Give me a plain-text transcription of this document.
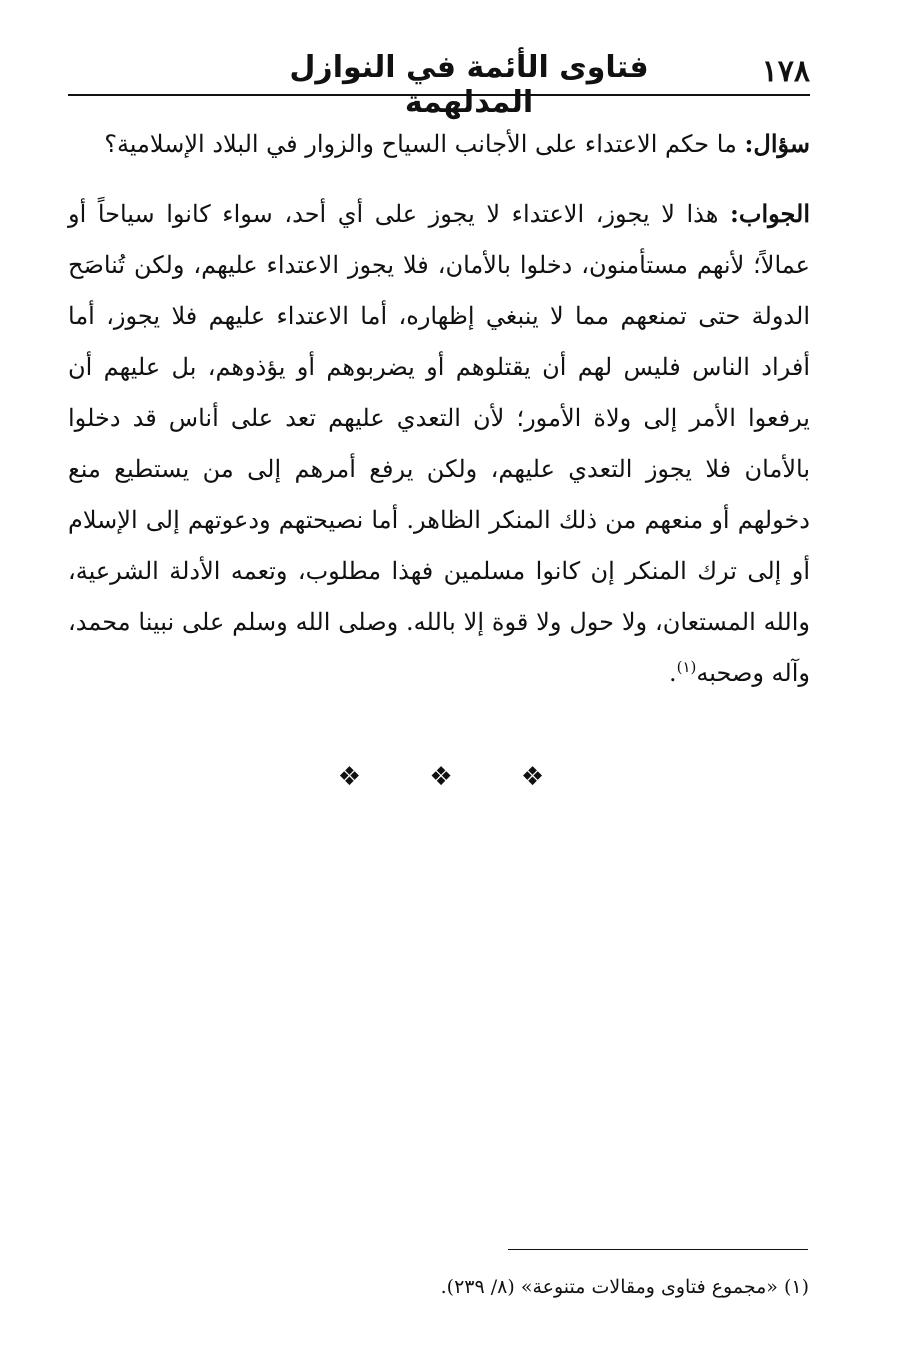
١٧٨
فتاوى الأئمة في النوازل المدلهمة

سؤال: ما حكم الاعتداء على الأجانب السياح والزوار في البلاد الإسلامية؟

الجواب: هذا لا يجوز، الاعتداء لا يجوز على أي أحد، سواء كانوا سياحاً أو عمالاً؛ لأنهم مستأمنون، دخلوا بالأمان، فلا يجوز الاعتداء عليهم، ولكن تُناصَح الدولة حتى تمنعهم مما لا ينبغي إظهاره، أما الاعتداء عليهم فلا يجوز، أما أفراد الناس فليس لهم أن يقتلوهم أو يضربوهم أو يؤذوهم، بل عليهم أن يرفعوا الأمر إلى ولاة الأمور؛ لأن التعدي عليهم تعد على أناس قد دخلوا بالأمان فلا يجوز التعدي عليهم، ولكن يرفع أمرهم إلى من يستطيع منع دخولهم أو منعهم من ذلك المنكر الظاهر. أما نصيحتهم ودعوتهم إلى الإسلام أو إلى ترك المنكر إن كانوا مسلمين فهذا مطلوب، وتعمه الأدلة الشرعية، والله المستعان، ولا حول ولا قوة إلا بالله. وصلى الله وسلم على نبينا محمد، وآله وصحبه$^{(١)}$.

❖ ❖ ❖
(١) «مجموع فتاوى ومقالات متنوعة» (٨/ ٢٣٩).
